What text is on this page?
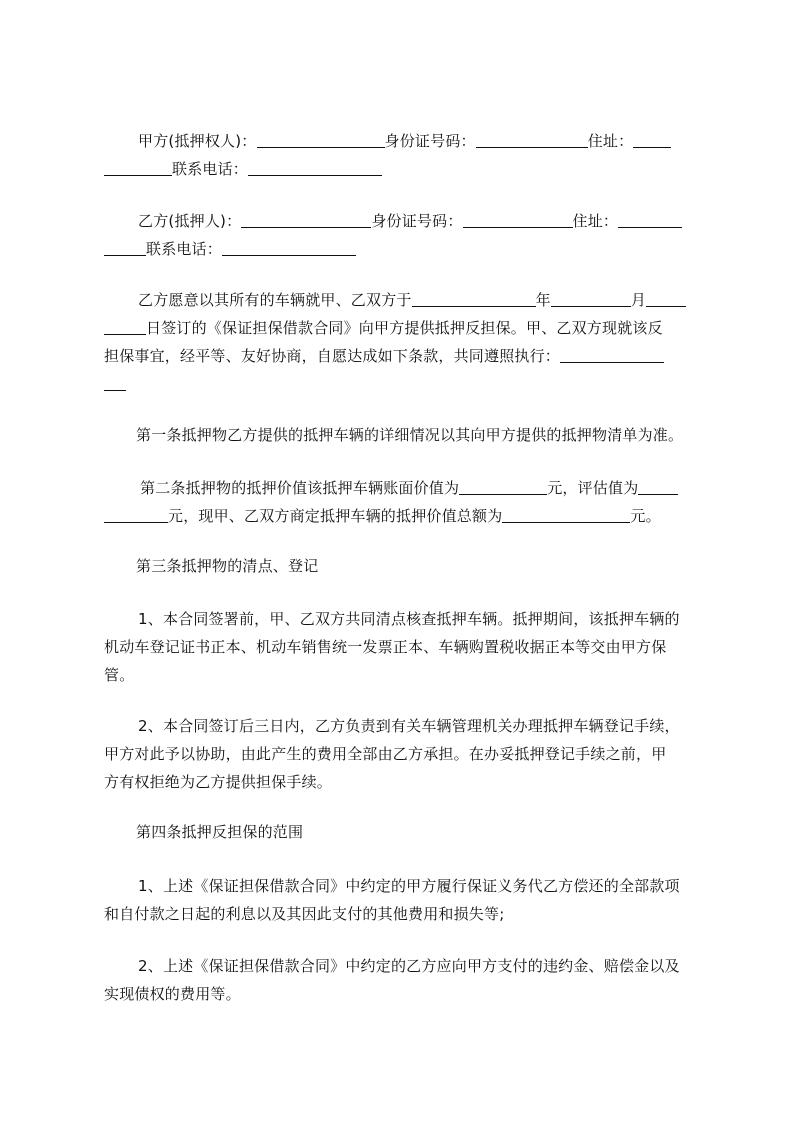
甲方(抵押权人)：	身份证号码：	住址：
联系电话：
乙方(抵押人)：	身份证号码：	住址：
联系电话：
乙方愿意以其所有的车辆就甲、乙双方于	年	月
日签订的《保证担保借款合同》向甲方提供抵押反担保。甲、乙双方现就该反
担保事宜，经平等、友好协商，自愿达成如下条款，共同遵照执行：
第一条抵押物乙方提供的抵押车辆的详细情况以其向甲方提供的抵押物清单为准。
第二条抵押物的抵押价值该抵押车辆账面价值为	元，评估值为
元，现甲、乙双方商定抵押车辆的抵押价值总额为	元。
第三条抵押物的清点、登记
1、本合同签署前，甲、乙双方共同清点核查抵押车辆。抵押期间，该抵押车辆的
机动车登记证书正本、机动车销售统一发票正本、车辆购置税收据正本等交由甲方保
管。
2、本合同签订后三日内，乙方负责到有关车辆管理机关办理抵押车辆登记手续，
甲方对此予以协助，由此产生的费用全部由乙方承担。在办妥抵押登记手续之前，甲
方有权拒绝为乙方提供担保手续。
第四条抵押反担保的范围
1、上述《保证担保借款合同》中约定的甲方履行保证义务代乙方偿还的全部款项
和自付款之日起的利息以及其因此支付的其他费用和损失等;
2、上述《保证担保借款合同》中约定的乙方应向甲方支付的违约金、赔偿金以及
实现债权的费用等。
